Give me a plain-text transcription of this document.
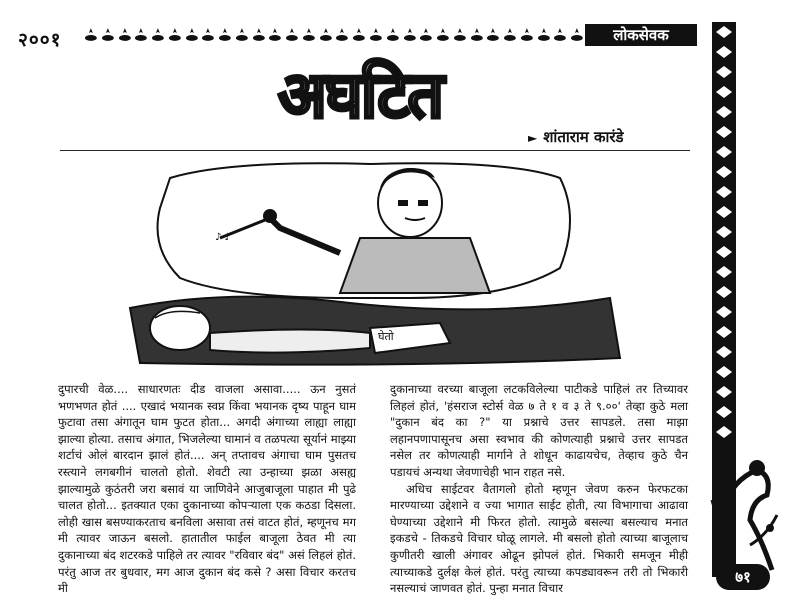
२००१	लोकसेवक
अघटित
► शांताराम कारंडे
♪ ♪
घेतो

दुपारची वेळ.... साधारणतः दीड वाजला असावा..... ऊन नुसतं भणभणत होतं .... एखादं भयानक स्वप्न किंवा भयानक दृष्य पाहून घाम फुटावा तसा अंगातून घाम फुटत होता... अगदी अंगाच्या लाह्या लाह्या झाल्या होत्या. तसाच अंगात, भिजलेल्या घामानं व तळपत्या सूर्यानं माझ्या शर्टाचं ओलं बारदान झालं होतं.... अन् तप्तावच अंगाचा घाम पुसतच रस्त्याने लगबगीनं चालतो होतो. शेवटी त्या उन्हाच्या झळा असह्य झाल्यामुळे कुठंतरी जरा बसावं या जाणिवेने आजुबाजूला पाहात मी पुढे चालत होतो... इतक्यात एका दुकानाच्या कोपऱ्याला एक कठडा दिसला. लोही खास बसण्याकरताच बनविला असावा तसं वाटत होतं, म्हणूनच मग मी त्यावर जाऊन बसलो. हातातील फाईल बाजूला ठेवत मी त्या दुकानाच्या बंद शटरकडे पाहिले तर त्यावर "रविवार बंद" असं लिहलं होतं. परंतु आज तर बुधवार, मग आज दुकान बंद कसे ? असा विचार करतच मी

दुकानाच्या वरच्या बाजूला लटकविलेल्या पाटीकडे पाहिलं तर तिच्यावर लिहलं होतं, 'हंसराज स्टोर्स वेळ ७ ते १ व ३ ते ९.००' तेव्हा कुठे मला "दुकान बंद का ?" या प्रश्नाचे उत्तर सापडले. तसा माझा लहानपणापासूनच असा स्वभाव की कोणत्याही प्रश्नाचे उत्तर सापडत नसेल तर कोणत्याही मार्गाने ते शोधून काढायचेच, तेव्हाच कुठे चैन पडायचं अन्यथा जेवणाचेही भान राहत नसे.

अधिच साईटवर वैतागलो होतो म्हणून जेवण करुन फेरफटका मारण्याच्या उद्देशाने व ज्या भागात साईट होती, त्या विभागाचा आढावा घेण्याच्या उद्देशाने मी फिरत होतो. त्यामुळे बसल्या बसल्याच मनात इकडचे - तिकडचे विचार घोळू लागले. मी बसलो होतो त्याच्या बाजूलाच कुणीतरी खाली अंगावर ओढून झोपलं होतं. भिकारी समजून मीही त्याच्याकडे दुर्लक्ष केलं होतं. परंतु त्याच्या कपड्यावरून तरी तो भिकारी नसल्याचं जाणवत होतं. पुन्हा मनात विचार

७१
